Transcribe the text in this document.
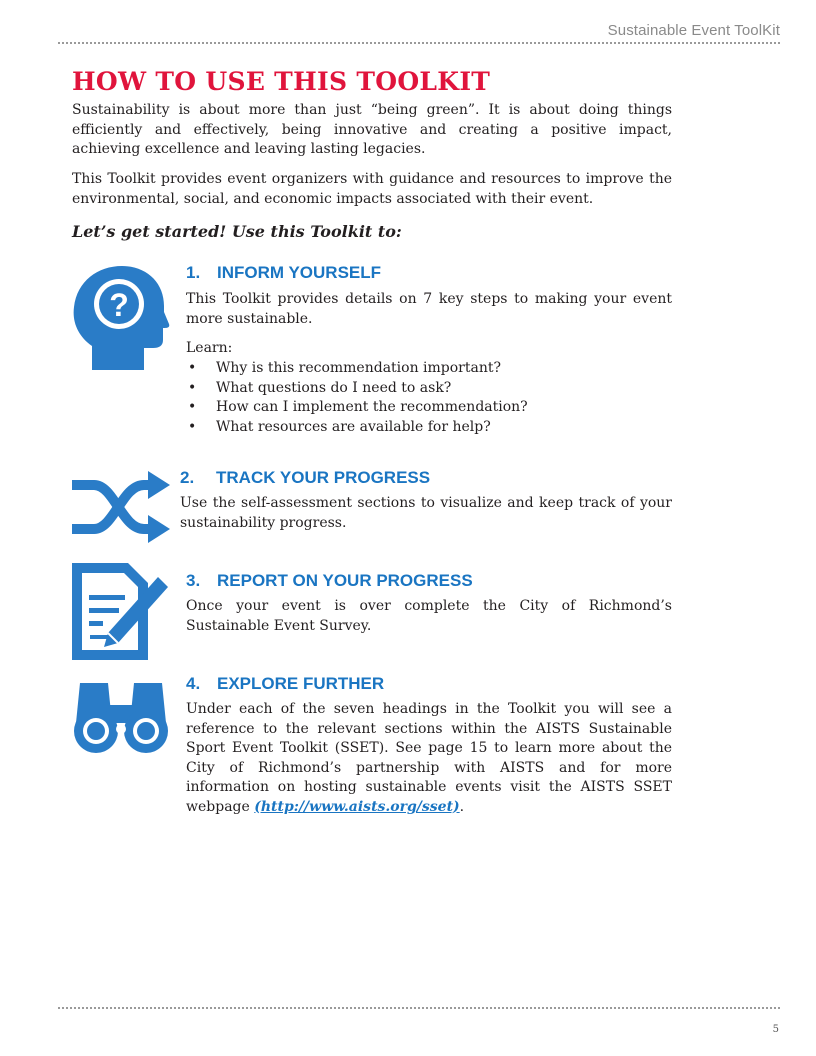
Sustainable Event ToolKit
HOW TO USE THIS TOOLKIT

Sustainability is about more than just “being green”. It is about doing things efficiently and effectively, being innovative and creating a positive impact, achieving excellence and leaving lasting legacies.

This Toolkit provides event organizers with guidance and resources to improve the environmental, social, and economic impacts associated with their event.

Let’s get started! Use this Toolkit to:

?
1. INFORM YOURSELF

This Toolkit provides details on 7 key steps to making your event more sustainable.

Learn:

• Why is this recommendation important?
• What questions do I need to ask?
• How can I implement the recommendation?
• What resources are available for help?
2. TRACK YOUR PROGRESS

Use the self-assessment sections to visualize and keep track of your sustainability progress.

3. REPORT ON YOUR PROGRESS

Once your event is over complete the City of Richmond’s Sustainable Event Survey.

4. EXPLORE FURTHER

Under each of the seven headings in the Toolkit you will see a reference to the relevant sections within the AISTS Sustainable Sport Event Toolkit (SSET). See page 15 to learn more about the City of Richmond’s partnership with AISTS and for more information on hosting sustainable events visit the AISTS SSET webpage (http://www.aists.org/sset).

5
